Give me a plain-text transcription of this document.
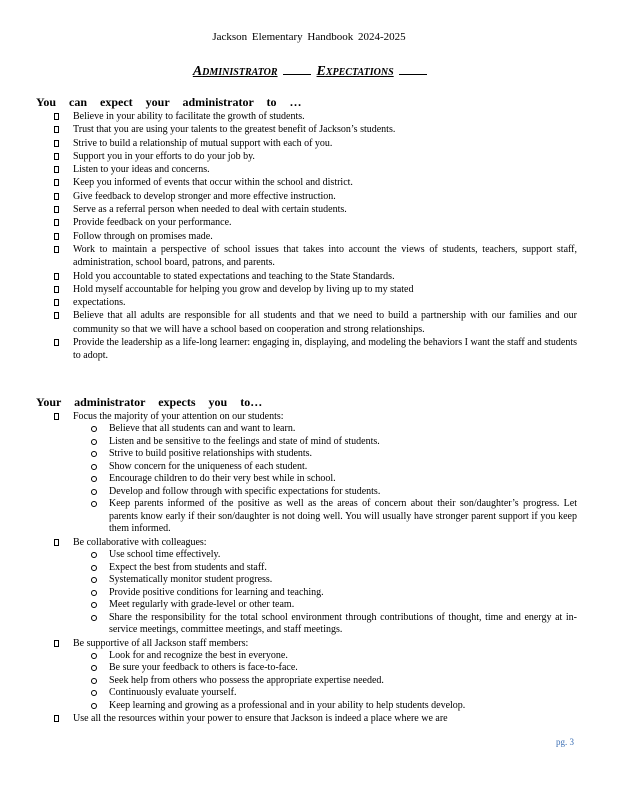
Jackson Elementary Handbook 2024-2025
Administrator	Expectations
You can expect your administrator to …
Believe in your ability to facilitate the growth of students.
Trust that you are using your talents to the greatest benefit of Jackson’s students.
Strive to build a relationship of mutual support with each of you.
Support you in your efforts to do your job by.
Listen to your ideas and concerns.
Keep you informed of events that occur within the school and district.
Give feedback to develop stronger and more effective instruction.
Serve as a referral person when needed to deal with certain students.
Provide feedback on your performance.
Follow through on promises made.
Work to maintain a perspective of school issues that takes into account the views of students, teachers, support staff, administration, school board, patrons, and parents.
Hold you accountable to stated expectations and teaching to the State Standards.
Hold myself accountable for helping you grow and develop by living up to my stated
expectations.
Believe that all adults are responsible for all students and that we need to build a partnership with our families and our community so that we will have a school based on cooperation and strong relationships.
Provide the leadership as a life-long learner: engaging in, displaying, and modeling the behaviors I want the staff and students to adopt.
Your administrator expects you to…
Focus the majority of your attention on our students:
Believe that all students can and want to learn.
Listen and be sensitive to the feelings and state of mind of students.
Strive to build positive relationships with students.
Show concern for the uniqueness of each student.
Encourage children to do their very best while in school.
Develop and follow through with specific expectations for students.
Keep parents informed of the positive as well as the areas of concern about their son/daughter’s progress. Let parents know early if their son/daughter is not doing well. You will usually have stronger parent support if you keep them informed.
Be collaborative with colleagues:
Use school time effectively.
Expect the best from students and staff.
Systematically monitor student progress.
Provide positive conditions for learning and teaching.
Meet regularly with grade-level or other team.
Share the responsibility for the total school environment through contributions of thought, time and energy at in-service meetings, committee meetings, and staff meetings.
Be supportive of all Jackson staff members:
Look for and recognize the best in everyone.
Be sure your feedback to others is face-to-face.
Seek help from others who possess the appropriate expertise needed.
Continuously evaluate yourself.
Keep learning and growing as a professional and in your ability to help students develop.
Use all the resources within your power to ensure that Jackson is indeed a place where we are
pg. 3
